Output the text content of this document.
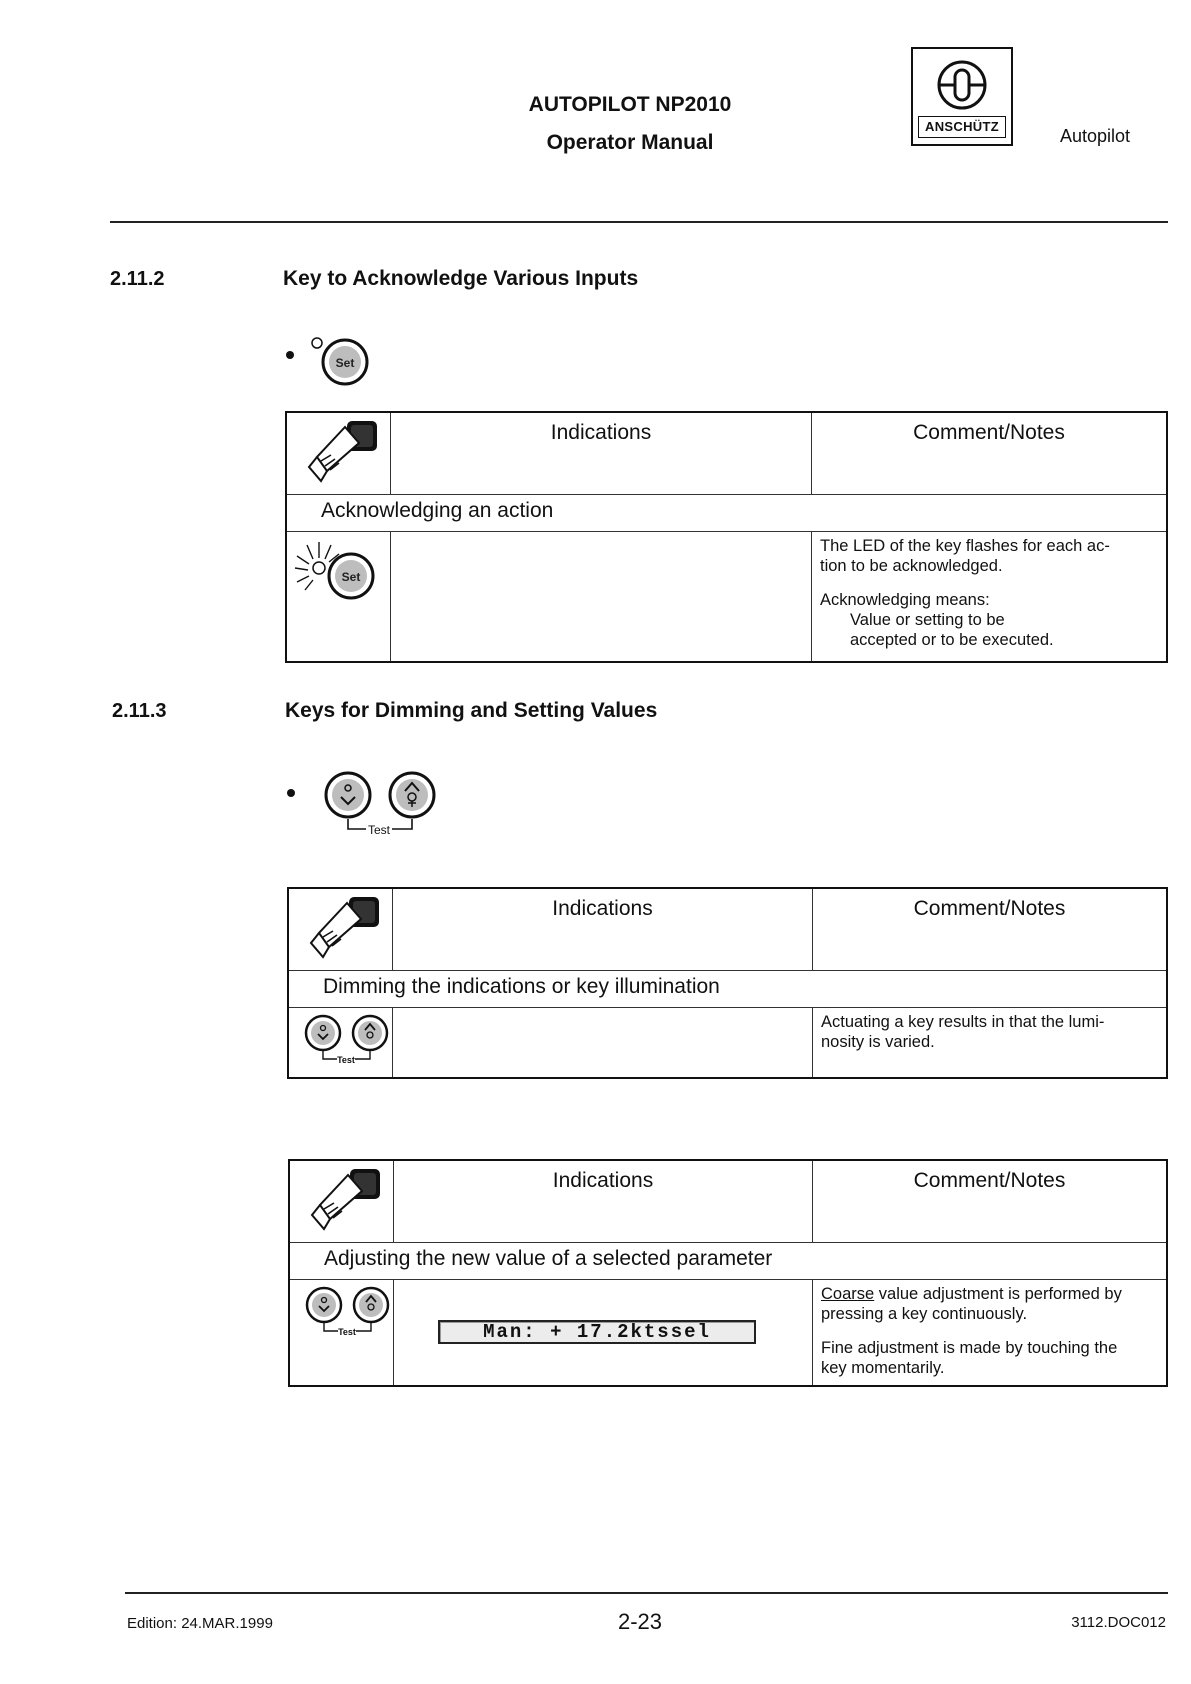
AUTOPILOT NP2010
Operator Manual
ANSCHÜTZ	Autopilot
2.11.2	Key to Acknowledge Various Inputs
Set
	Indications	Comment/Notes
Acknowledging an action		

Set		The LED of the key flashes for each ac-
tion to be acknowledged.

Acknowledging means:

Value or setting to be
accepted or to be executed.

2.11.3	Keys for Dimming and Setting Values
Test
	Indications	Comment/Notes
Dimming the indications or key illumination		

Test		Actuating a key results in that the lumi-
nosity is varied.

	Indications	Comment/Notes
Adjusting the new value of a selected parameter		

Test	Man: + 17.2ktssel	Coarse value adjustment is performed by
pressing a key continuously.

Fine adjustment is made by touching the
key momentarily.

Edition: 24.MAR.1999	2-23	3112.DOC012
